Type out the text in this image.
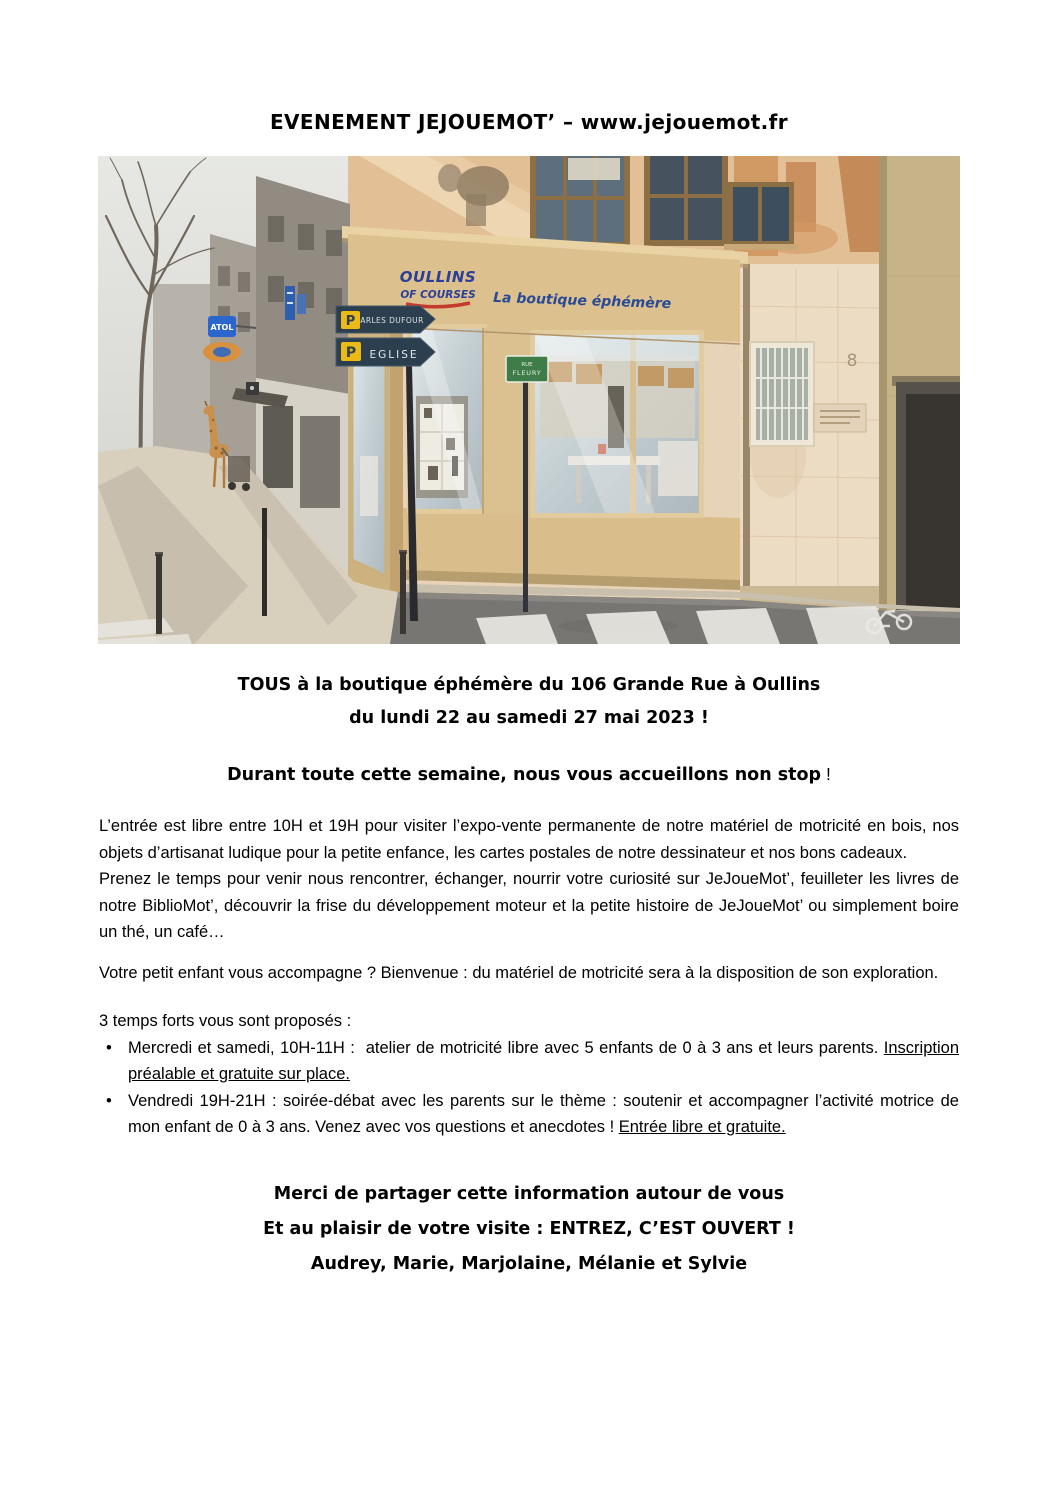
EVENEMENT JEJOUEMOT’ – www.jejouemot.fr
8
ATOL
OULLINS
OF COURSES La boutique éphémère
P ARLES DUFOUR
P EGLISE
RUE
FLEURY
TOUS à la boutique éphémère du 106 Grande Rue à Oullins
du lundi 22 au samedi 27 mai 2023 !
Durant toute cette semaine, nous vous accueillons non stop !
L’entrée est libre entre 10H et 19H pour visiter l’expo-vente permanente de notre matériel de motricité en bois, nos objets d’artisanat ludique pour la petite enfance, les cartes postales de notre dessinateur et nos bons cadeaux.
Prenez le temps pour venir nous rencontrer, échanger, nourrir votre curiosité sur JeJoueMot’, feuilleter les livres de notre BiblioMot’, découvrir la frise du développement moteur et la petite histoire de JeJoueMot’ ou simplement boire un thé, un café…
Votre petit enfant vous accompagne ? Bienvenue : du matériel de motricité sera à la disposition de son exploration.
3 temps forts vous sont proposés :
• Mercredi et samedi, 10H-11H :  atelier de motricité libre avec 5 enfants de 0 à 3 ans et leurs parents. Inscription préalable et gratuite sur place.
• Vendredi 19H-21H : soirée-débat avec les parents sur le thème : soutenir et accompagner l’activité motrice de mon enfant de 0 à 3 ans. Venez avec vos questions et anecdotes ! Entrée libre et gratuite.
Merci de partager cette information autour de vous
Et au plaisir de votre visite : ENTREZ, C’EST OUVERT !
Audrey, Marie, Marjolaine, Mélanie et Sylvie
